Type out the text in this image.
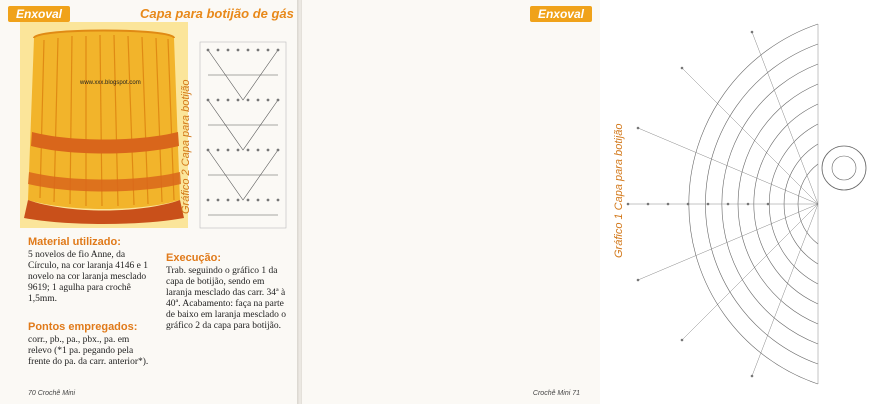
Enxoval	Capa para botijão de gás
www.xxx.blogspot.com	Gráfico 2 Capa para botijão
Material utilizado:
5 novelos de fio Anne, da Círculo, na cor laranja 4146 e 1 novelo na cor laranja mesclado 9619; 1 agulha para crochê 1,5mm.
Pontos empregados:
corr., pb., pa., pbx., pa. em relevo (*1 pa. pegando pela frente do pa. da carr. anterior*).
Execução:
Trab. seguindo o gráfico 1 da capa de botijão, sendo em laranja mesclado das carr. 34ª à 40ª. Acabamento: faça na parte de baixo em laranja mesclado o gráfico 2 da capa para botijão.
70 Crochê Mini
Enxoval
Gráfico 1 Capa para botijão
Crochê Mini 71
